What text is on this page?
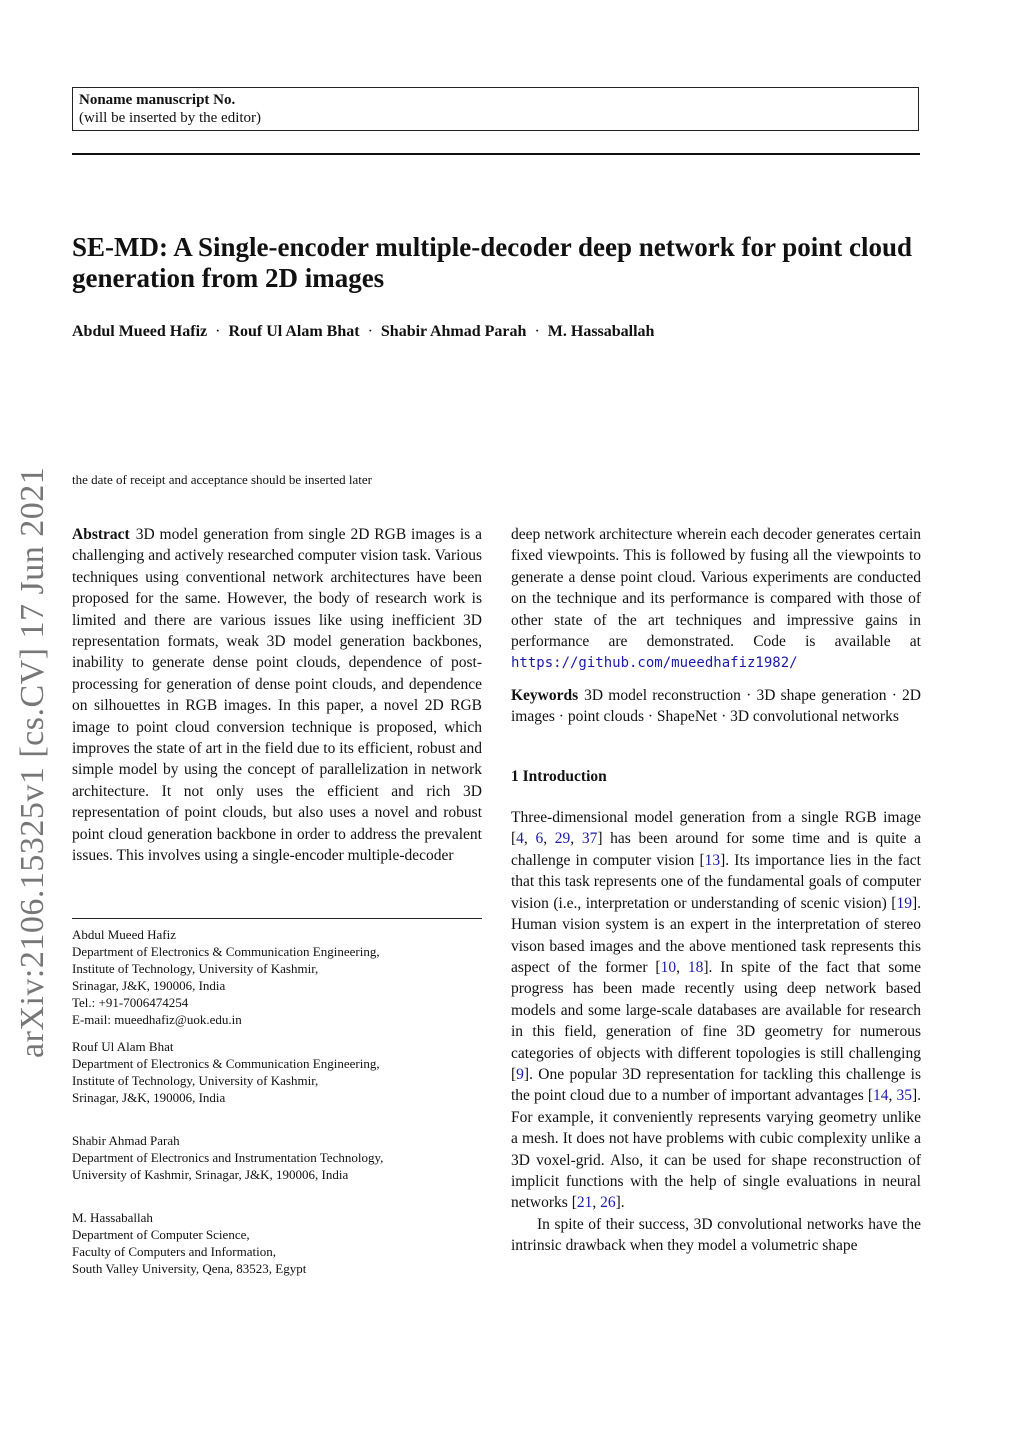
Noname manuscript No.
(will be inserted by the editor)
SE-MD: A Single-encoder multiple-decoder deep network for point cloud generation from 2D images
Abdul Mueed Hafiz · Rouf Ul Alam Bhat · Shabir Ahmad Parah · M. Hassaballah
the date of receipt and acceptance should be inserted later
arXiv:2106.15325v1 [cs.CV] 17 Jun 2021 Abstract 3D model generation from single 2D RGB images is a challenging and actively researched computer vision task. Various techniques using conventional network architectures have been proposed for the same. However, the body of research work is limited and there are various issues like using inefficient 3D representation formats, weak 3D model generation backbones, inability to generate dense point clouds, dependence of post-processing for generation of dense point clouds, and dependence on silhouettes in RGB images. In this paper, a novel 2D RGB image to point cloud conversion technique is proposed, which improves the state of art in the field due to its efficient, robust and simple model by using the concept of parallelization in network architecture. It not only uses the efficient and rich 3D representation of point clouds, but also uses a novel and robust point cloud generation backbone in order to address the prevalent issues. This involves using a single-encoder multiple-decoder

Abdul Mueed Hafiz
Department of Electronics & Communication Engineering,
Institute of Technology, University of Kashmir,
Srinagar, J&K, 190006, India
Tel.: +91-7006474254
E-mail: mueedhafiz@uok.edu.in
Rouf Ul Alam Bhat
Department of Electronics & Communication Engineering,
Institute of Technology, University of Kashmir,
Srinagar, J&K, 190006, India
Shabir Ahmad Parah
Department of Electronics and Instrumentation Technology,
University of Kashmir, Srinagar, J&K, 190006, India
M. Hassaballah
Department of Computer Science,
Faculty of Computers and Information,
South Valley University, Qena, 83523, Egypt

deep network architecture wherein each decoder generates certain fixed viewpoints. This is followed by fusing all the viewpoints to generate a dense point cloud. Various experiments are conducted on the technique and its performance is compared with those of other state of the art techniques and impressive gains in performance are demonstrated. Code is available at https://github.com/mueedhafiz1982/

Keywords 3D model reconstruction · 3D shape generation · 2D images · point clouds · ShapeNet · 3D convolutional networks

1 Introduction

Three-dimensional model generation from a single RGB image [4, 6, 29, 37] has been around for some time and is quite a challenge in computer vision [13]. Its importance lies in the fact that this task represents one of the fundamental goals of computer vision (i.e., interpretation or understanding of scenic vision) [19]. Human vision system is an expert in the interpretation of stereo vison based images and the above mentioned task represents this aspect of the former [10, 18]. In spite of the fact that some progress has been made recently using deep network based models and some large-scale databases are available for research in this field, generation of fine 3D geometry for numerous categories of objects with different topologies is still challenging [9]. One popular 3D representation for tackling this challenge is the point cloud due to a number of important advantages [14, 35]. For example, it conveniently represents varying geometry unlike a mesh. It does not have problems with cubic complexity unlike a 3D voxel-grid. Also, it can be used for shape reconstruction of implicit functions with the help of single evaluations in neural networks [21, 26].

In spite of their success, 3D convolutional networks have the intrinsic drawback when they model a volumetric shape
